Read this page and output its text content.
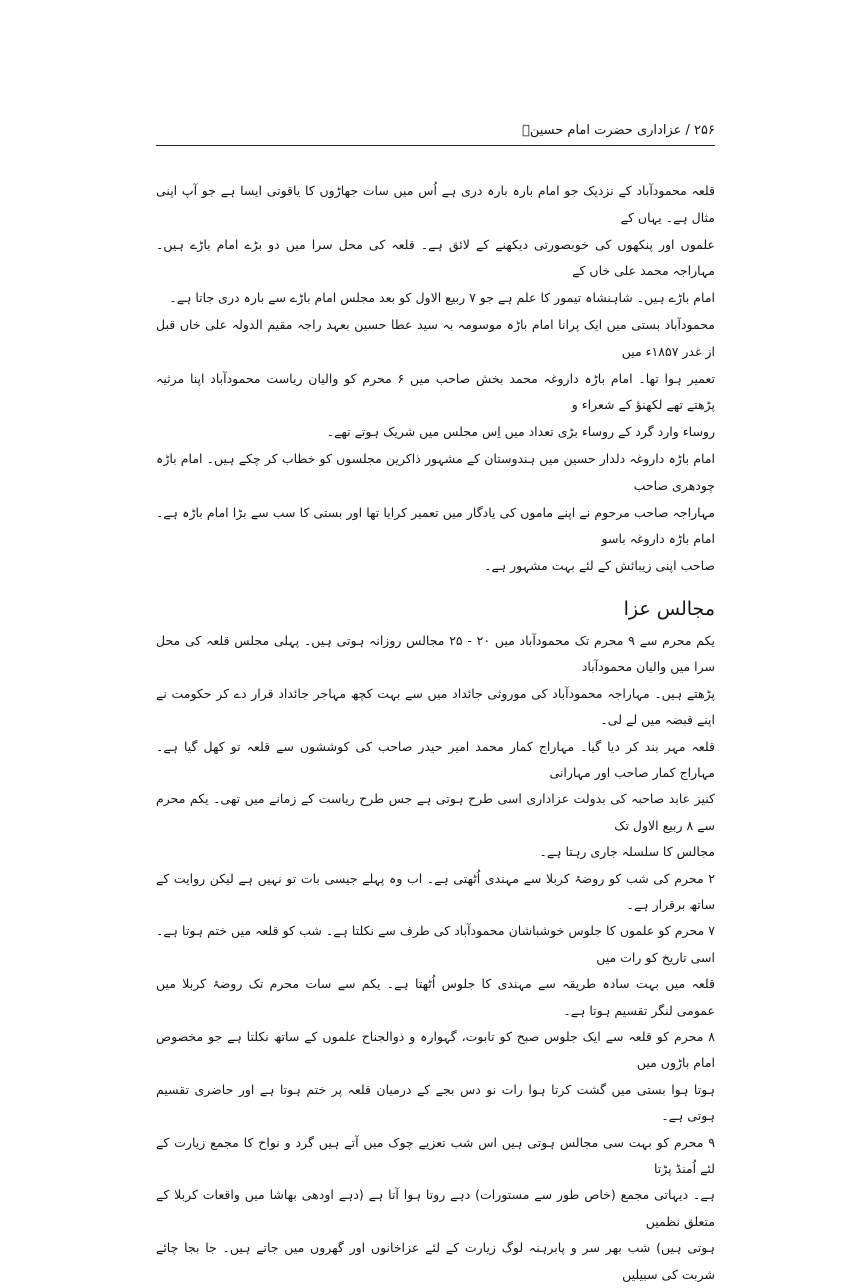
۲۵۶ / عزاداری حضرت امام حسینؑ

قلعہ محمودآباد کے نزدیک جو امام بارہ بارہ دری ہے اُس میں سات جھاڑوں کا یاقوتی ایسا ہے جو آپ اپنی مثال ہے۔ یہاں کے

علموں اور پنکھوں کی خوبصورتی دیکھنے کے لائق ہے۔ قلعہ کی محل سرا میں دو بڑے امام باڑے ہیں۔ مہاراجہ محمد علی خاں کے

امام باڑے ہیں۔ شاہنشاہ تیمور کا علم ہے جو ۷ ربیع الاول کو بعد مجلس امام باڑے سے بارہ دری جاتا ہے۔

محمودآباد بستی میں ایک پرانا امام باڑہ موسومہ بہ سید عطا حسین بعہد راجہ مقیم الدولہ علی خاں قبل از غدر ۱۸۵۷ء میں

تعمیر ہوا تھا۔ امام باڑہ داروغہ محمد بخش صاحب میں ۶ محرم کو والیان ریاست محمودآباد اپنا مرثیہ پڑھتے تھے لکھنؤ کے شعراء و

روساء وارد گرد کے روساء بڑی تعداد میں اِس مجلس میں شریک ہوتے تھے۔

امام باڑہ داروغہ دلدار حسین میں ہندوستان کے مشہور ذاکرین مجلسوں کو خطاب کر چکے ہیں۔ امام باڑہ چودھری صاحب

مہاراجہ صاحب مرحوم نے اپنے ماموں کی یادگار میں تعمیر کرایا تھا اور بستی کا سب سے بڑا امام باڑہ ہے۔ امام باڑہ داروغہ باسو

صاحب اپنی زیبائش کے لئے بہت مشہور ہے۔

مجالس عزا

یکم محرم سے ۹ محرم تک محمودآباد میں ۲۰ - ۲۵ مجالس روزانہ ہوتی ہیں۔ پہلی مجلس قلعہ کی محل سرا میں والیان محمودآباد

پڑھتے ہیں۔ مہاراجہ محمودآباد کی موروثی جائداد میں سے بہت کچھ مہاجر جائداد قرار دے کر حکومت نے اپنے قبضہ میں لے لی۔

قلعہ مہر بند کر دیا گیا۔ مہاراج کمار محمد امیر حیدر صاحب کی کوششوں سے قلعہ تو کھل گیا ہے۔ مہاراج کمار صاحب اور مہارانی

کنیز عابد صاحبہ کی بدولت عزاداری اسی طرح ہوتی ہے جس طرح ریاست کے زمانے میں تھی۔ یکم محرم سے ۸ ربیع الاول تک

مجالس کا سلسلہ جاری رہتا ہے۔

۲ محرم کی شب کو روضۂ کربلا سے مہندی اُٹھتی ہے۔ اب وہ پہلے جیسی بات تو نہیں ہے لیکن روایت کے ساتھ برقرار ہے۔

۷ محرم کو علموں کا جلوس خوشباشان محمودآباد کی طرف سے نکلتا ہے۔ شب کو قلعہ میں ختم ہوتا ہے۔ اسی تاریخ کو رات میں

قلعہ میں بہت سادہ طریقہ سے مہندی کا جلوس اُٹھتا ہے۔ یکم سے سات محرم تک روضۂ کربلا میں عمومی لنگر تقسیم ہوتا ہے۔

۸ محرم کو قلعہ سے ایک جلوس صبح کو تابوت، گہوارہ و ذوالجناح علموں کے ساتھ نکلتا ہے جو مخصوص امام باڑوں میں

ہوتا ہوا بستی میں گشت کرتا ہوا رات نو دس بجے کے درمیان قلعہ پر ختم ہوتا ہے اور حاضری تقسیم ہوتی ہے۔

۹ محرم کو بہت سی مجالس ہوتی ہیں اس شب تعزیے چوک میں آتے ہیں گرد و نواح کا مجمع زیارت کے لئے اُمنڈ پڑتا

ہے۔ دیہاتی مجمع (خاص طور سے مستورات) دہے روتا ہوا آتا ہے (دہے اودھی بھاشا میں واقعات کربلا کے متعلق نظمیں

ہوتی ہیں) شب بھر سر و پابرہنہ لوگ زیارت کے لئے عزاخانوں اور گھروں میں جاتے ہیں۔ جا بجا چائے شربت کی سبیلیں
